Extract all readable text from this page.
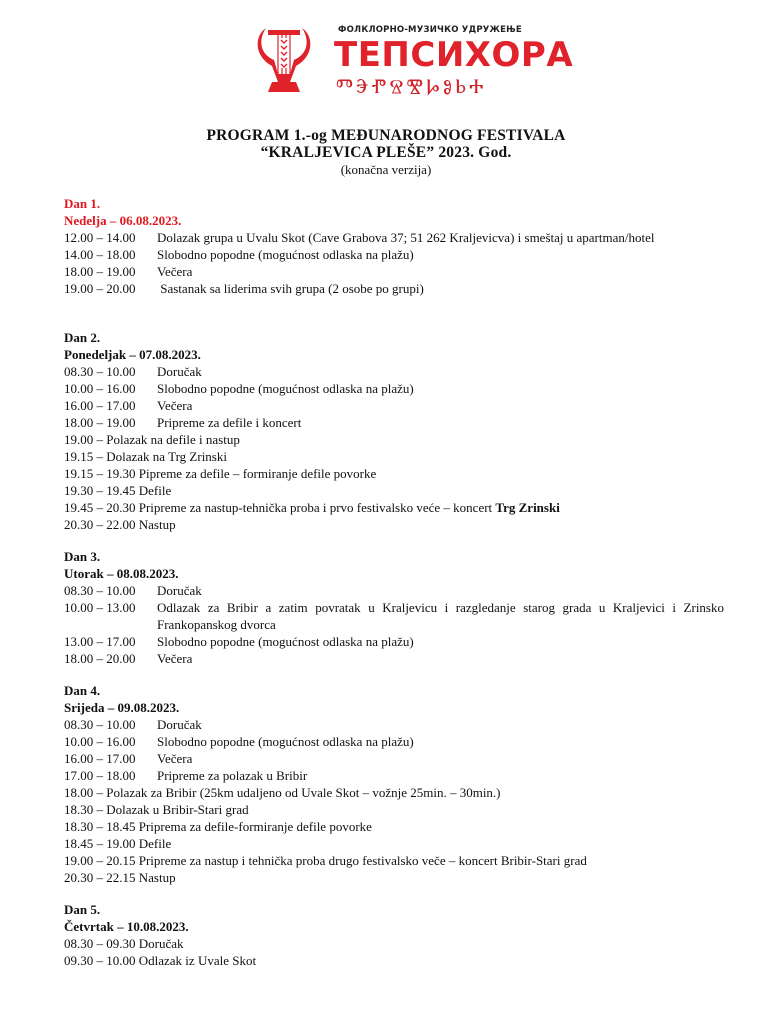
ФОЛКЛОРНО-МУЗИЧКО УДРУЖЕЊЕ
ТЕПСИХОРА
ⰕⰅⰒⰔⰊⰘⰑⰓⰀ
PROGRAM 1.-og MEĐUNARODNOG FESTIVALA
“KRALJEVICA PLEŠE” 2023. God.
(konačna verzija)
Dan 1.
Nedelja – 06.08.2023.
12.00 – 14.00	Dolazak grupa u Uvalu Skot (Cave Grabova 37; 51 262 Kraljevicva) i smeštaj u apartman/hotel
14.00 – 18.00	Slobodno popodne (mogućnost odlaska na plažu)
18.00 – 19.00	Večera
19.00 – 20.00	Sastanak sa liderima svih grupa (2 osobe po grupi)
Dan 2.
Ponedeljak – 07.08.2023.
08.30 – 10.00	Doručak
10.00 – 16.00	Slobodno popodne (mogućnost odlaska na plažu)
16.00 – 17.00	Večera
18.00 – 19.00	Pripreme za defile i koncert
19.00 – Polazak na defile i nastup
19.15 – Dolazak na Trg Zrinski
19.15 – 19.30 Pipreme za defile – formiranje defile povorke
19.30 – 19.45 Defile
19.45 – 20.30 Pripreme za nastup-tehnička proba i prvo festivalsko veće – koncert Trg Zrinski
20.30 – 22.00 Nastup
Dan 3.
Utorak – 08.08.2023.
08.30 – 10.00	Doručak
10.00 – 13.00	Odlazak za Bribir a zatim povratak u Kraljevicu i razgledanje starog grada u Kraljevici i Zrinsko Frankopanskog dvorca
13.00 – 17.00	Slobodno popodne (mogućnost odlaska na plažu)
18.00 – 20.00	Večera
Dan 4.
Srijeda – 09.08.2023.
08.30 – 10.00	Doručak
10.00 – 16.00	Slobodno popodne (mogućnost odlaska na plažu)
16.00 – 17.00	Večera
17.00 – 18.00	Pripreme za polazak u Bribir
18.00 – Polazak za Bribir (25km udaljeno od Uvale Skot – vožnje 25min. – 30min.)
18.30 – Dolazak u Bribir-Stari grad
18.30 – 18.45 Priprema za defile-formiranje defile povorke
18.45 – 19.00 Defile
19.00 – 20.15 Pripreme za nastup i tehnička proba drugo festivalsko veče – koncert Bribir-Stari grad
20.30 – 22.15 Nastup
Dan 5.
Četvrtak – 10.08.2023.
08.30 – 09.30 Doručak
09.30 – 10.00 Odlazak iz Uvale Skot
